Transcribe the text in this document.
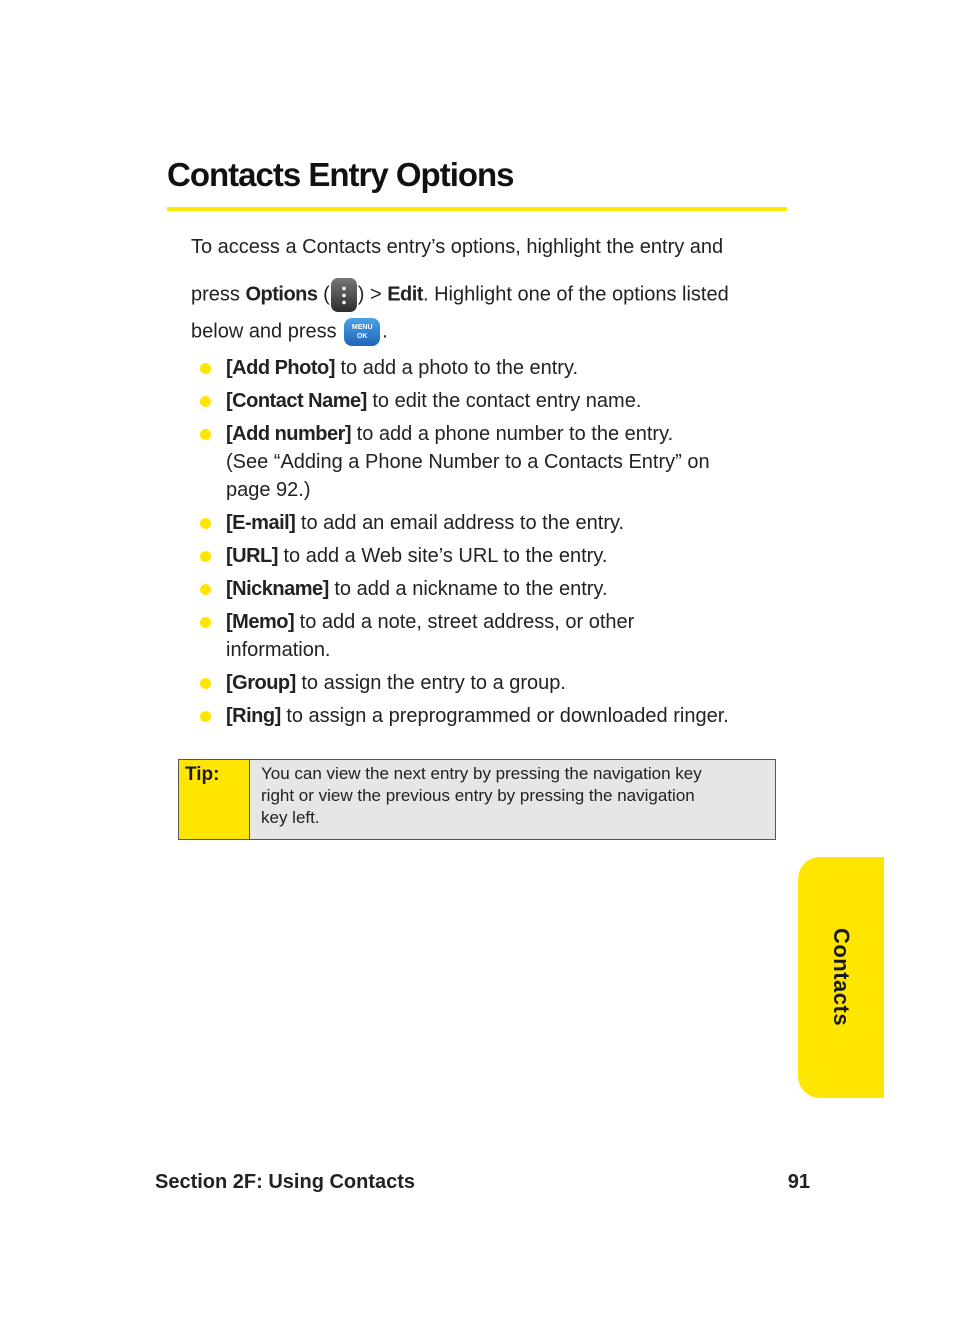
Contacts Entry Options
To access a Contacts entry’s options, highlight the entry and
press Options ( ) > Edit. Highlight one of the options listed
below and press MENU
OK .
[Add Photo] to add a photo to the entry.
[Contact Name] to edit the contact entry name.
[Add number] to add a phone number to the entry.
(See “Adding a Phone Number to a Contacts Entry” on
page 92.)
[E-mail] to add an email address to the entry.
[URL] to add a Web site’s URL to the entry.
[Nickname] to add a nickname to the entry.
[Memo] to add a note, street address, or other
information.
[Group] to assign the entry to a group.
[Ring] to assign a preprogrammed or downloaded ringer.
Tip:	You can view the next entry by pressing the navigation key
right or view the previous entry by pressing the navigation
key left.
Contacts
Section 2F: Using Contacts	91
